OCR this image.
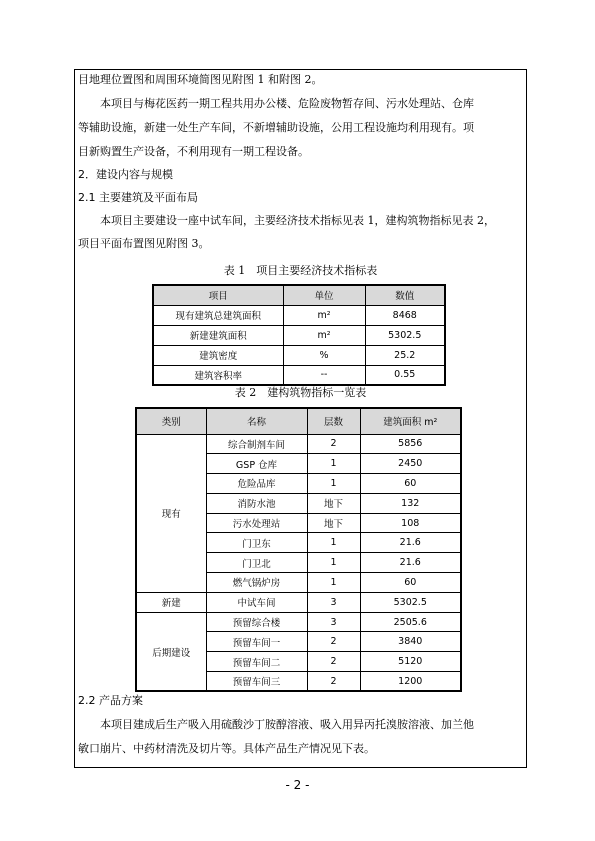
目地理位置图和周围环境简图见附图 1 和附图 2。
本项目与梅花医药一期工程共用办公楼、危险废物暂存间、污水处理站、仓库
等辅助设施，新建一处生产车间，不新增辅助设施，公用工程设施均利用现有。项
目新购置生产设备，不利用现有一期工程设备。
2．建设内容与规模
2.1 主要建筑及平面布局
本项目主要建设一座中试车间，主要经济技术指标见表 1，建构筑物指标见表 2，
项目平面布置图见附图 3。
表 1　项目主要经济技术指标表
项目	单位	数值
现有建筑总建筑面积	m²	8468
新建建筑面积	m²	5302.5
建筑密度	%	25.2
建筑容积率	--	0.55
表 2　建构筑物指标一览表
类别	名称	层数	建筑面积 m²
现有	综合制剂车间	2	5856
	GSP 仓库	1	2450
	危险品库	1	60
	消防水池	地下	132
	污水处理站	地下	108
	门卫东	1	21.6
	门卫北	1	21.6
	燃气锅炉房	1	60
新建	中试车间	3	5302.5
后期建设	预留综合楼	3	2505.6
	预留车间一	2	3840
	预留车间二	2	5120
	预留车间三	2	1200
2.2 产品方案
本项目建成后生产吸入用硫酸沙丁胺醇溶液、吸入用异丙托溴胺溶液、加兰他
敏口崩片、中药材清洗及切片等。具体产品生产情况见下表。
- 2 -
